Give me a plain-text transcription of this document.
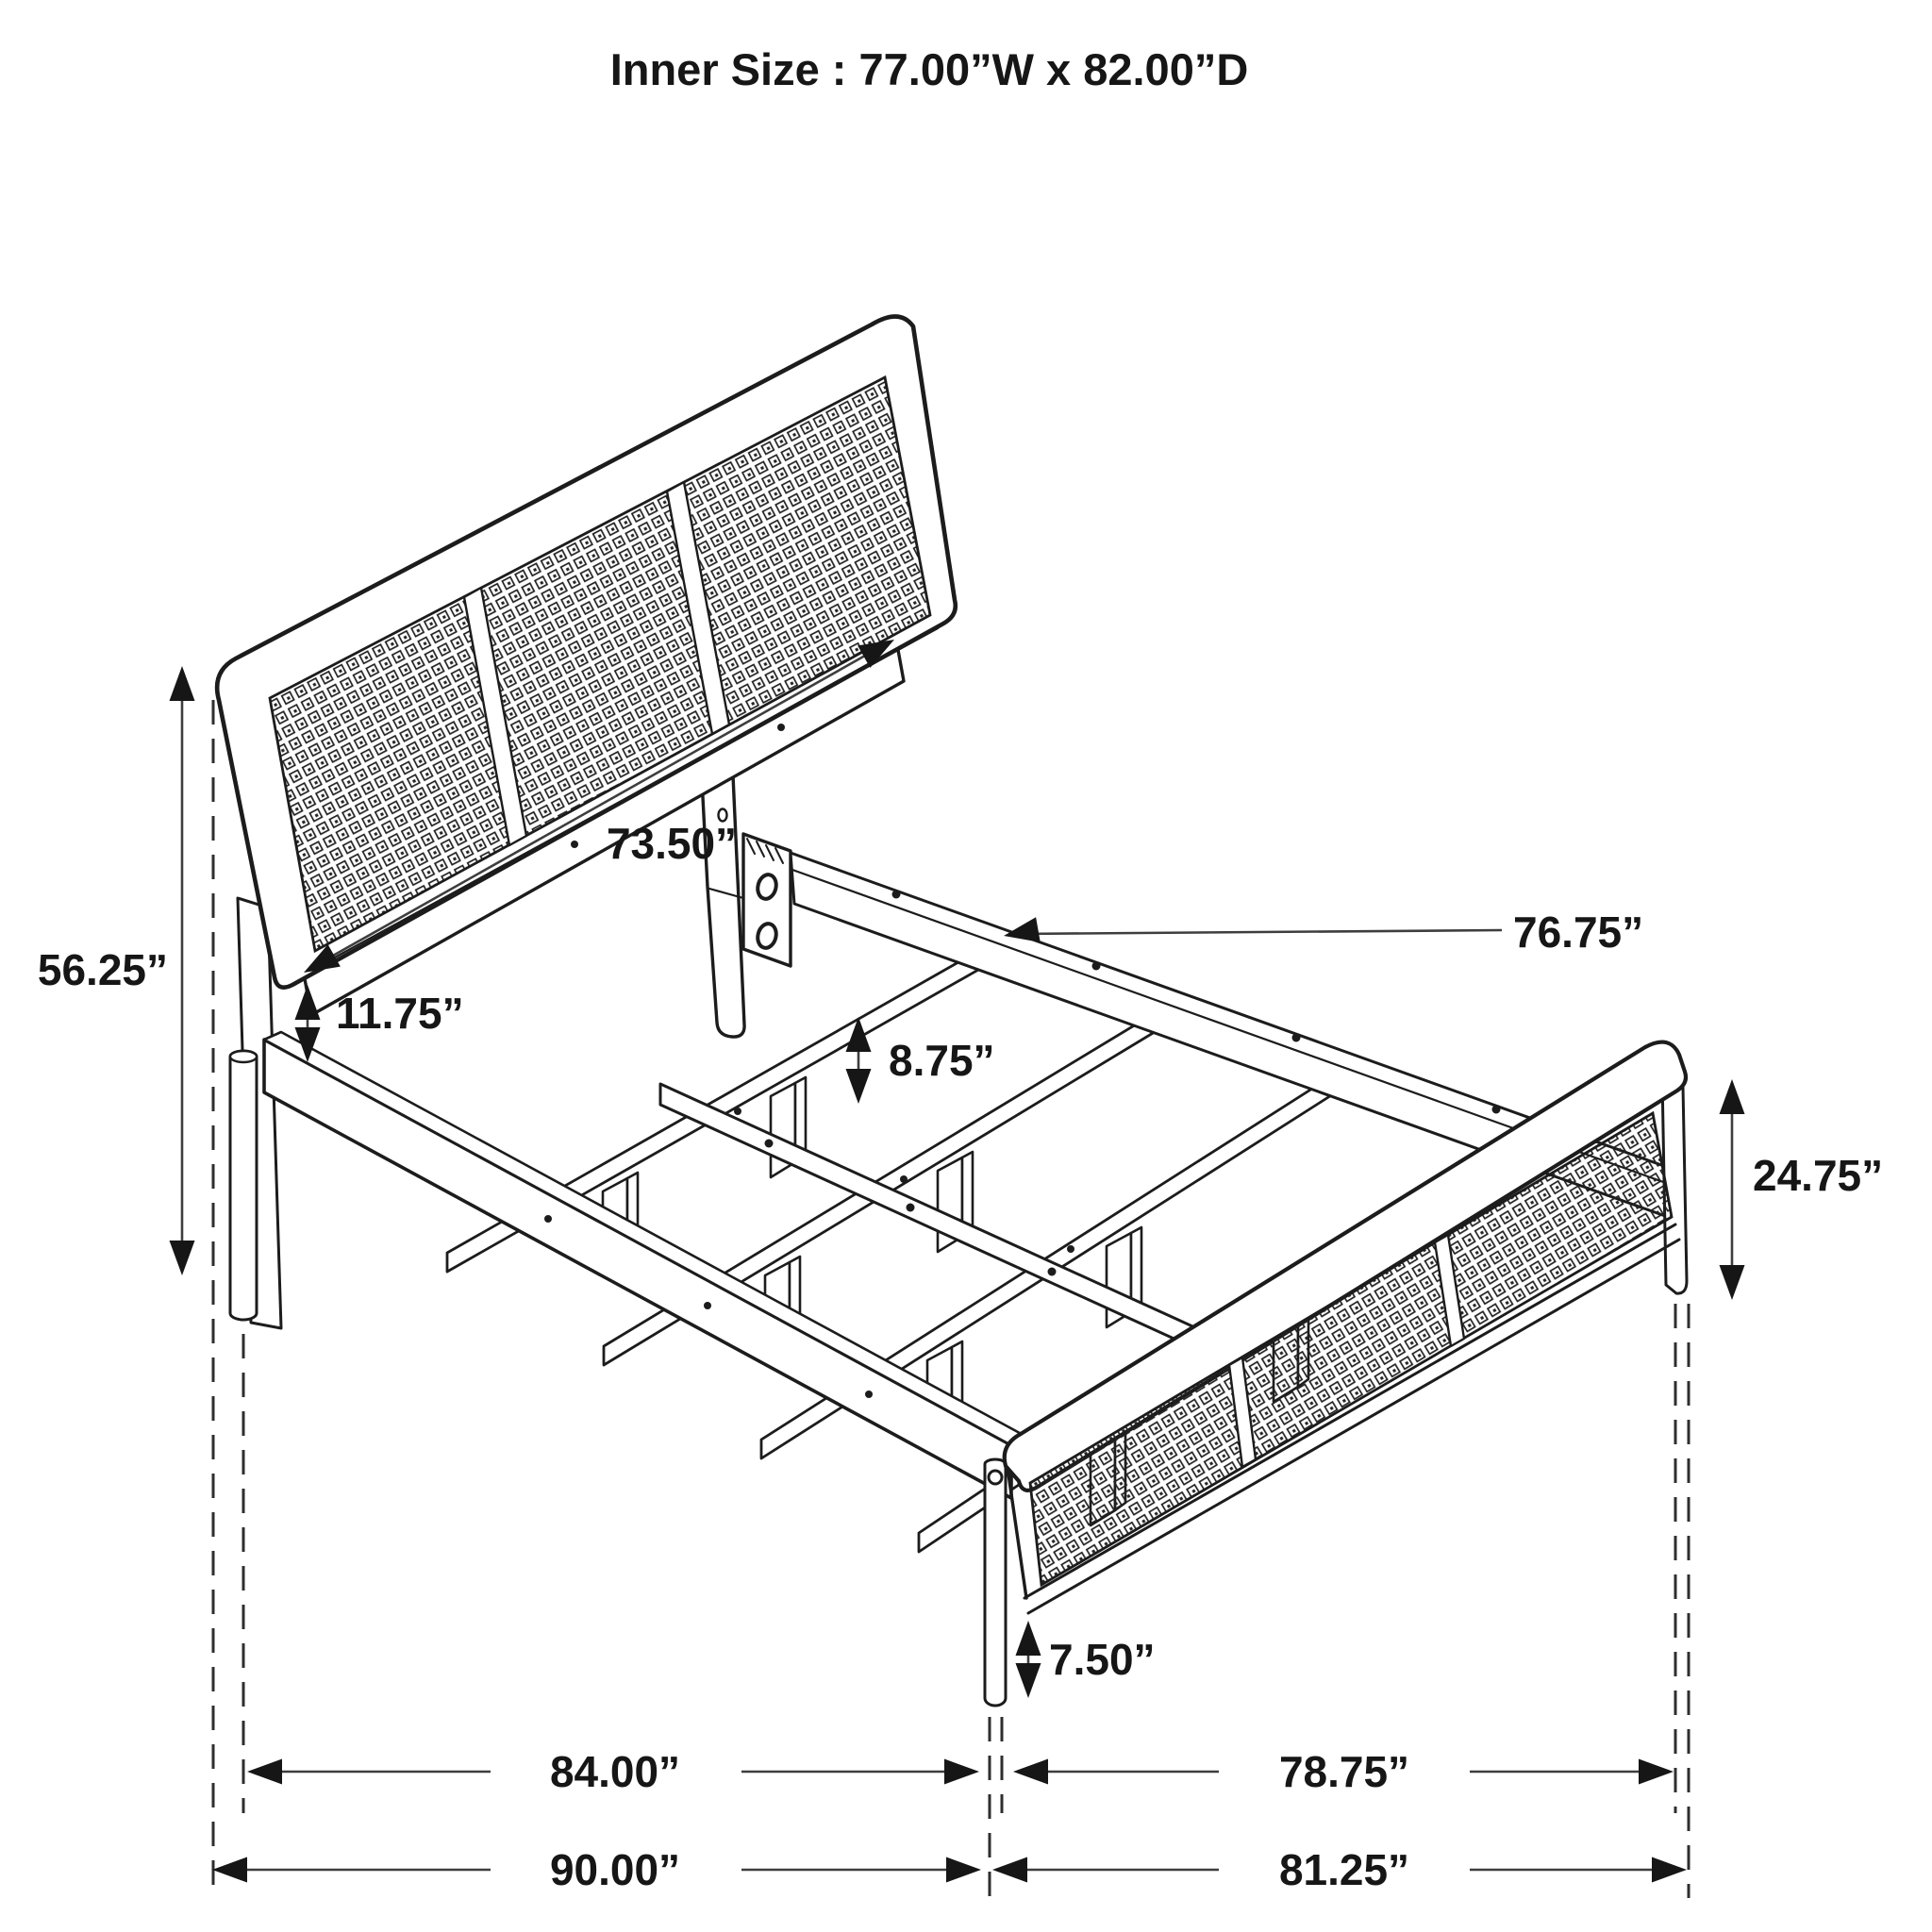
56.25”
73.50”
11.75”
8.75”
76.75”
24.75”
7.50”
84.00”	78.75”
90.00”	81.25”
Inner Size : 77.00”W x 82.00”D
